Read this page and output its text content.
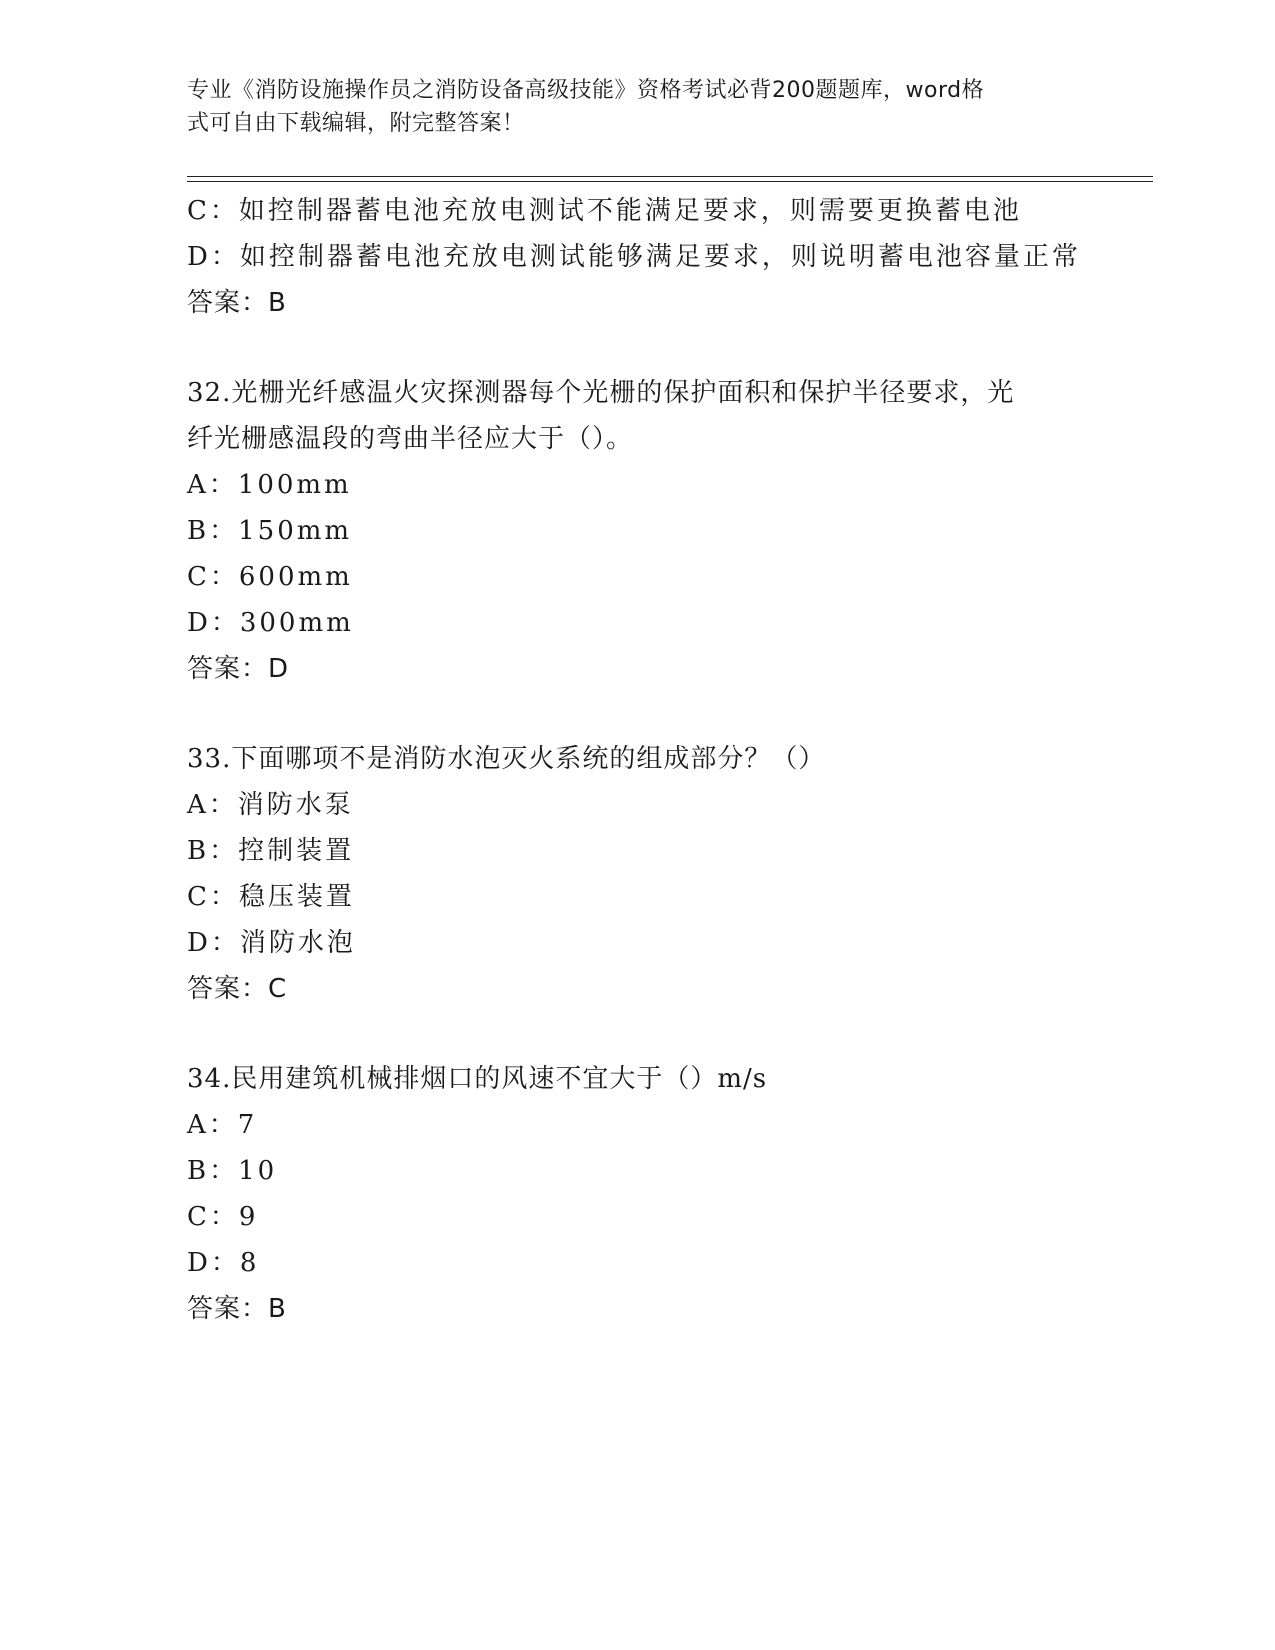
专业《消防设施操作员之消防设备高级技能》资格考试必背200题题库，word格
式可自由下载编辑，附完整答案！
C：如控制器蓄电池充放电测试不能满足要求，则需要更换蓄电池
D：如控制器蓄电池充放电测试能够满足要求，则说明蓄电池容量正常
答案：B
32.光栅光纤感温火灾探测器每个光栅的保护面积和保护半径要求，光
纤光栅感温段的弯曲半径应大于（）。
A：100mm
B：150mm
C：600mm
D：300mm
答案：D
33.下面哪项不是消防水泡灭火系统的组成部分？（）
A：消防水泵
B：控制装置
C：稳压装置
D：消防水泡
答案：C
34.民用建筑机械排烟口的风速不宜大于（）m/s
A：7
B：10
C：9
D：8
答案：B
